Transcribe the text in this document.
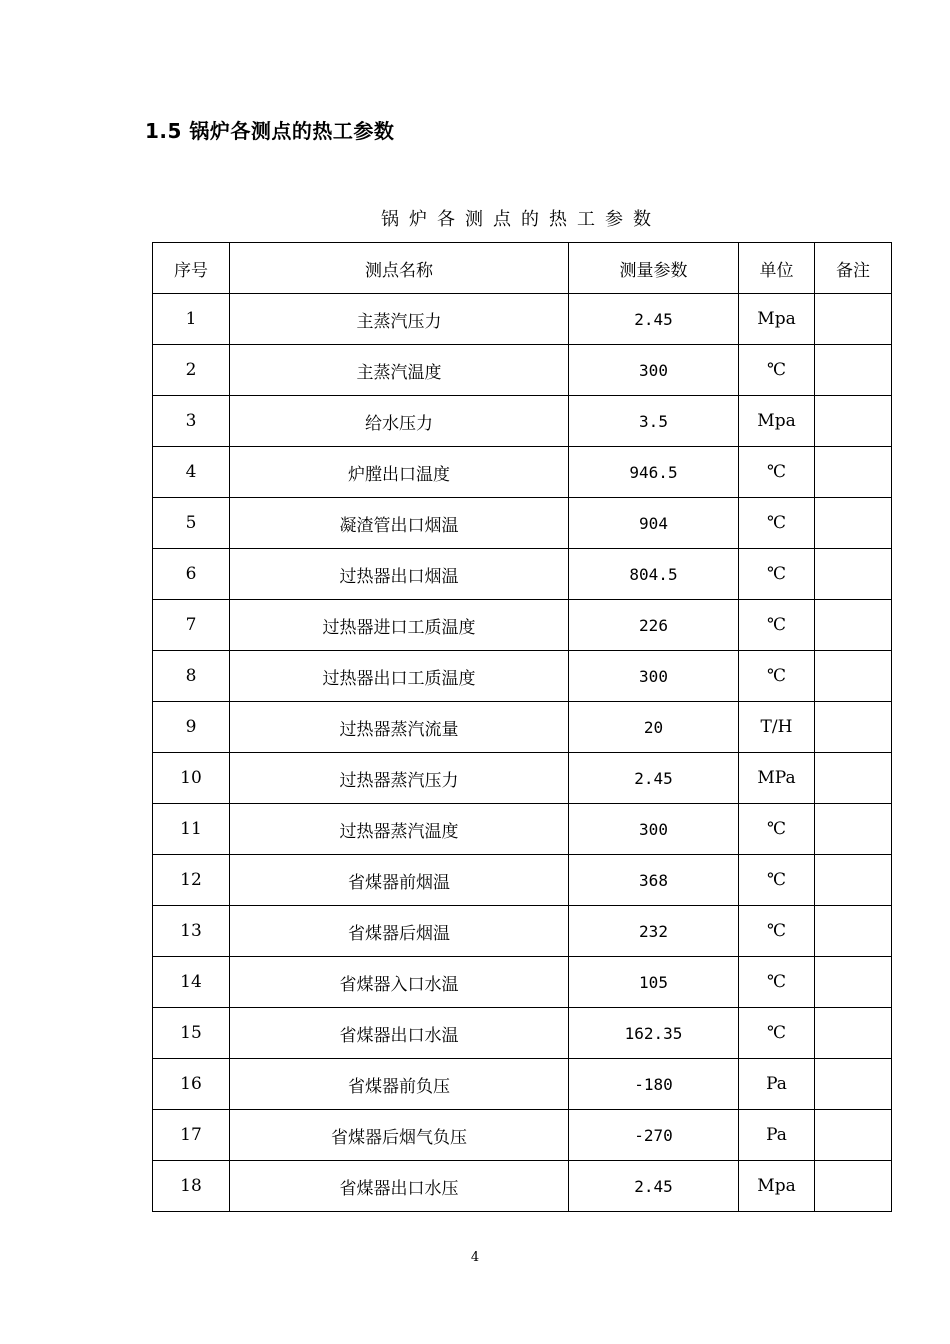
1.5 锅炉各测点的热工参数
锅炉各测点的热工参数
序号	测点名称	测量参数	单位	备注
1	主蒸汽压力	2.45	Mpa	
2	主蒸汽温度	300	℃	
3	给水压力	3.5	Mpa	
4	炉膛出口温度	946.5	℃	
5	凝渣管出口烟温	904	℃	
6	过热器出口烟温	804.5	℃	
7	过热器进口工质温度	226	℃	
8	过热器出口工质温度	300	℃	
9	过热器蒸汽流量	20	T/H	
10	过热器蒸汽压力	2.45	MPa	
11	过热器蒸汽温度	300	℃	
12	省煤器前烟温	368	℃	
13	省煤器后烟温	232	℃	
14	省煤器入口水温	105	℃	
15	省煤器出口水温	162.35	℃	
16	省煤器前负压	-180	Pa	
17	省煤器后烟气负压	-270	Pa	
18	省煤器出口水压	2.45	Mpa	
4
